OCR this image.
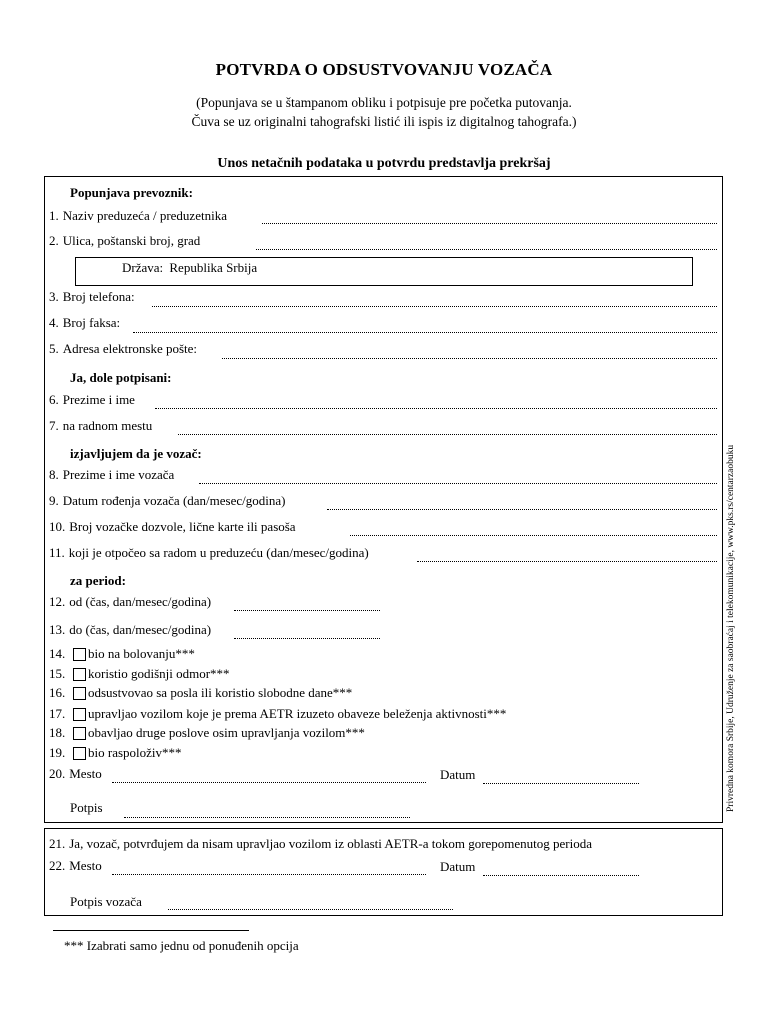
POTVRDA O ODSUSTVOVANJU VOZAČA
(Popunjava se u štampanom obliku i potpisuje pre početka putovanja.
Čuva se uz originalni tahografski listić ili ispis iz digitalnog tahografa.)
Unos netačnih podataka u potvrdu predstavlja prekršaj
Popunjava prevoznik:
1. Naziv preduzeća / preduzetnika
2. Ulica, poštanski broj, grad
Država: Republika Srbija
3. Broj telefona:
4. Broj faksa:
5. Adresa elektronske pošte:
Ja, dole potpisani:
6. Prezime i ime
7. na radnom mestu
izjavljujem da je vozač:
8. Prezime i ime vozača
9. Datum rođenja vozača (dan/mesec/godina)
10. Broj vozačke dozvole, lične karte ili pasoša
11. koji je otpočeo sa radom u preduzeću (dan/mesec/godina)
za period:
12. od (čas, dan/mesec/godina)
13. do (čas, dan/mesec/godina)
14. bio na bolovanju***
15. koristio godišnji odmor***
16. odsustvovao sa posla ili koristio slobodne dane***
17. upravljao vozilom koje je prema AETR izuzeto obaveze beleženja aktivnosti***
18. obavljao druge poslove osim upravljanja vozilom***
19. bio raspoloživ***
20. Mesto	Datum
Potpis	Privredna komora Srbije, Udruženje za saobraćaj i telekomunikacije, www.pks.rs/centarzaobuku
21. Ja, vozač, potvrđujem da nisam upravljao vozilom iz oblasti AETR-a tokom gorepomenutog perioda
22. Mesto	Datum
Potpis vozača
*** Izabrati samo jednu od ponuđenih opcija
